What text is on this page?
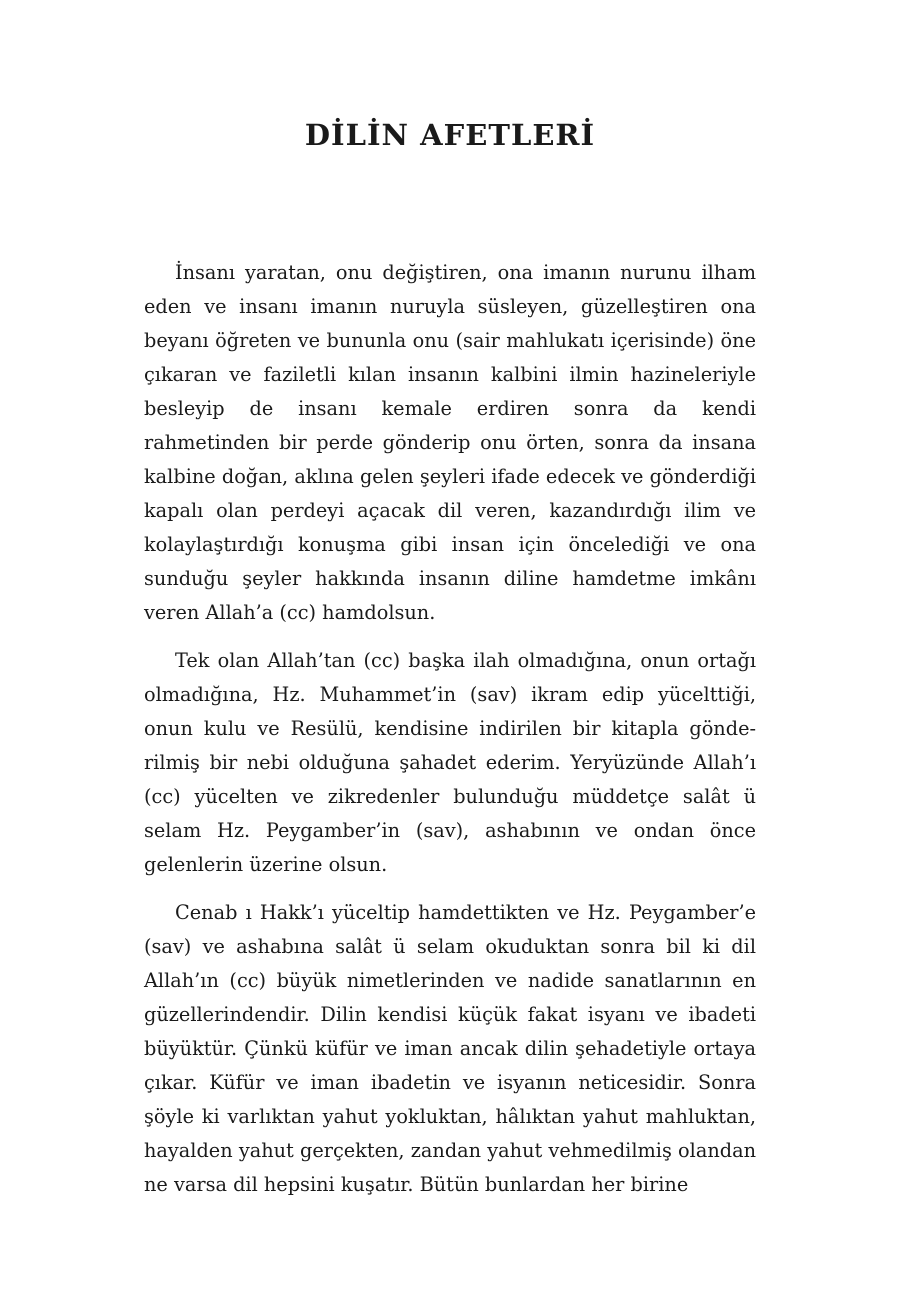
DİLİN AFETLERİ

İnsanı yaratan, onu değiştiren, ona imanın nurunu ilham eden ve insanı imanın nuruyla süsleyen, güzelleştiren ona beyanı öğreten ve bununla onu (sair mahlukatı içerisinde) öne çıkaran ve faziletli kılan insanın kalbini ilmin hazineleriyle besleyip de insanı kemale erdiren sonra da kendi rahmetinden bir perde gönderip onu örten, sonra da insana kalbine doğan, aklına gelen şeyleri ifade edecek ve gönderdiği kapalı olan perdeyi açacak dil veren, kazandırdığı ilim ve kolaylaştırdığı konuşma gibi insan için öncelediği ve ona sunduğu şeyler hakkında insanın diline hamdetme imkânı veren Allah’a (cc) hamdolsun.

Tek olan Allah’tan (cc) başka ilah olmadığına, onun ortağı olmadığına, Hz. Muhammet’in (sav) ikram edip yücelttiği, onun kulu ve Resülü, kendisine indirilen bir kitapla gönderilmiş bir nebi olduğuna şahadet ederim. Yeryüzünde Allah’ı (cc) yücelten ve zikredenler bulunduğu müddetçe salât ü selam Hz. Peygamber’in (sav), ashabının ve ondan önce gelenlerin üzerine olsun.

Cenab ı Hakk’ı yüceltip hamdettikten ve Hz. Peygamber’e (sav) ve ashabına salât ü selam okuduktan sonra bil ki dil Allah’ın (cc) büyük nimetlerinden ve nadide sanatlarının en güzellerindendir. Dilin kendisi küçük fakat isyanı ve ibadeti büyüktür. Çünkü küfür ve iman ancak dilin şehadetiyle ortaya çıkar. Küfür ve iman ibadetin ve isyanın neticesidir. Sonra şöyle ki varlıktan yahut yokluktan, hâlıktan yahut mahluktan, hayalden yahut gerçekten, zandan yahut vehmedilmiş olandan ne varsa dil hepsini kuşatır. Bütün bunlardan her birine
